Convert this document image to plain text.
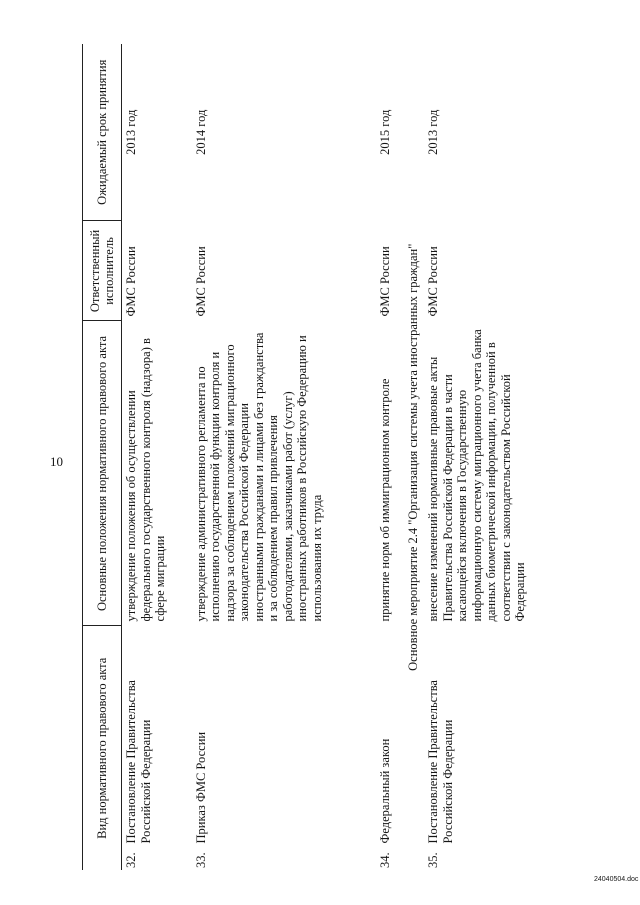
10
24040504.doc
Вид нормативного правового акта		Основные положения нормативного правового акта	Ответственный исполнитель	Ожидаемый срок принятия
32.	Постановление Правительства Российской Федерации	утверждение положения об осуществлении федерального государственного контроля (надзора) в сфере миграции	ФМС России	2013 год
33.	Приказ ФМС России	утверждение административного регламента по исполнению государственной функции контроля и надзора за соблюдением положений миграционного законодательства Российской Федерации иностранными гражданами и лицами без гражданства и за соблюдением правил привлечения работодателями, заказчиками работ (услуг) иностранных работников в Российскую Федерацию и использования их труда	ФМС России	2014 год
34.	Федеральный закон	принятие норм об иммиграционном контроле	ФМС России	2015 год
Основное мероприятие 2.4 "Организация системы учета иностранных граждан"				
35.	Постановление Правительства Российской Федерации	внесение изменений нормативные правовые акты Правительства Российской Федерации в части касающейся включения в Государственную информационную систему миграционного учета банка данных биометрической информации, полученной в соответствии с законодательством Российской Федерации	ФМС России	2013 год
